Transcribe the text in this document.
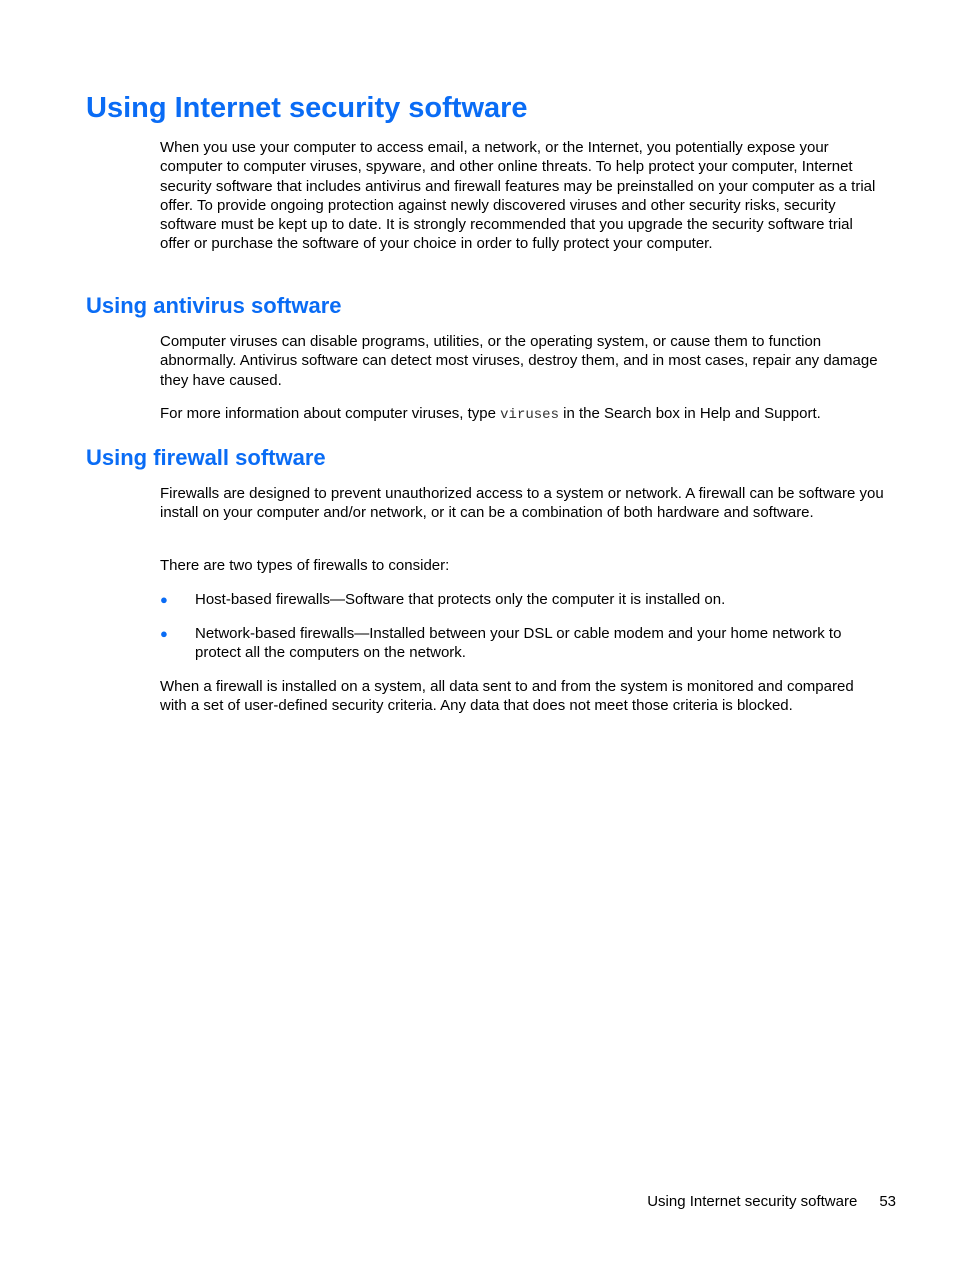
Using Internet security software

When you use your computer to access email, a network, or the Internet, you potentially expose your computer to computer viruses, spyware, and other online threats. To help protect your computer, Internet security software that includes antivirus and firewall features may be preinstalled on your computer as a trial offer. To provide ongoing protection against newly discovered viruses and other security risks, security software must be kept up to date. It is strongly recommended that you upgrade the security software trial offer or purchase the software of your choice in order to fully protect your computer.

Using antivirus software

Computer viruses can disable programs, utilities, or the operating system, or cause them to function abnormally. Antivirus software can detect most viruses, destroy them, and in most cases, repair any damage they have caused.

For more information about computer viruses, type viruses in the Search box in Help and Support.

Using firewall software

Firewalls are designed to prevent unauthorized access to a system or network. A firewall can be software you install on your computer and/or network, or it can be a combination of both hardware and software.

There are two types of firewalls to consider:

● Host-based firewalls—Software that protects only the computer it is installed on.
● Network-based firewalls—Installed between your DSL or cable modem and your home network to protect all the computers on the network.

When a firewall is installed on a system, all data sent to and from the system is monitored and compared with a set of user-defined security criteria. Any data that does not meet those criteria is blocked.

Using Internet security software 53
